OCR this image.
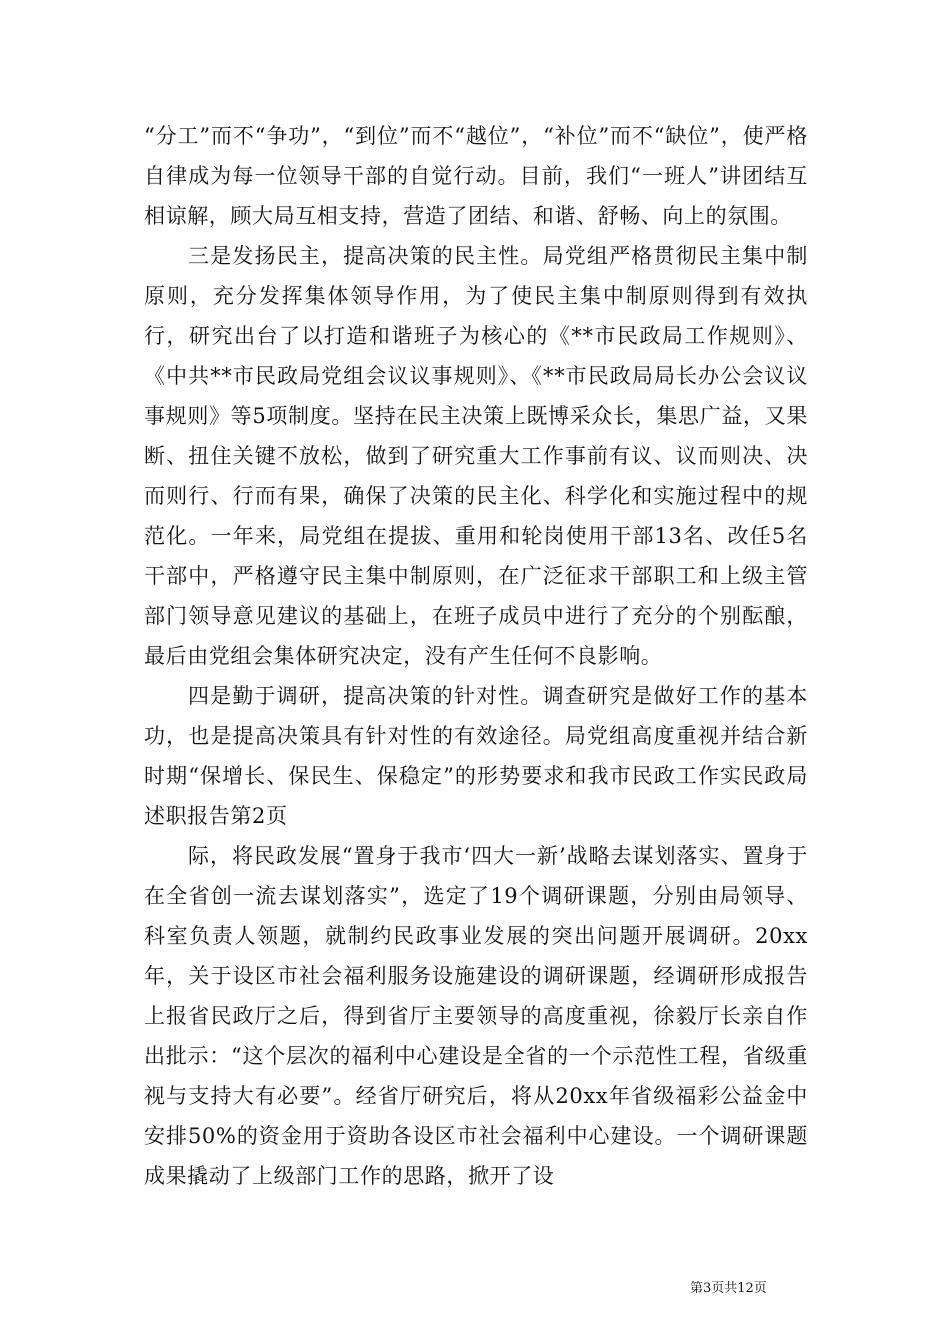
“分工”而不“争功”，“到位”而不“越位”，“补位”而不“缺位”，使严格自律成为每一位领导干部的自觉行动。目前，我们“一班人”讲团结互相谅解，顾大局互相支持，营造了团结、和谐、舒畅、向上的氛围。

三是发扬民主，提高决策的民主性。局党组严格贯彻民主集中制原则，充分发挥集体领导作用，为了使民主集中制原则得到有效执行，研究出台了以打造和谐班子为核心的《**市民政局工作规则》、《中共**市民政局党组会议议事规则》、《**市民政局局长办公会议议事规则》等5项制度。坚持在民主决策上既博采众长，集思广益，又果断、扭住关键不放松，做到了研究重大工作事前有议、议而则决、决而则行、行而有果，确保了决策的民主化、科学化和实施过程中的规范化。一年来，局党组在提拔、重用和轮岗使用干部13名、改任5名干部中，严格遵守民主集中制原则，在广泛征求干部职工和上级主管部门领导意见建议的基础上，在班子成员中进行了充分的个别酝酿，最后由党组会集体研究决定，没有产生任何不良影响。

四是勤于调研，提高决策的针对性。调查研究是做好工作的基本功，也是提高决策具有针对性的有效途径。局党组高度重视并结合新时期“保增长、保民生、保稳定”的形势要求和我市民政工作实民政局述职报告第2页

际，将民政发展“置身于我市‘四大一新’战略去谋划落实、置身于在全省创一流去谋划落实”，选定了19个调研课题，分别由局领导、科室负责人领题，就制约民政事业发展的突出问题开展调研。20xx年，关于设区市社会福利服务设施建设的调研课题，经调研形成报告上报省民政厅之后，得到省厅主要领导的高度重视，徐毅厅长亲自作出批示：“这个层次的福利中心建设是全省的一个示范性工程，省级重视与支持大有必要”。经省厅研究后，将从20xx年省级福彩公益金中安排50%的资金用于资助各设区市社会福利中心建设。一个调研课题成果撬动了上级部门工作的思路，掀开了设

第3页共12页
